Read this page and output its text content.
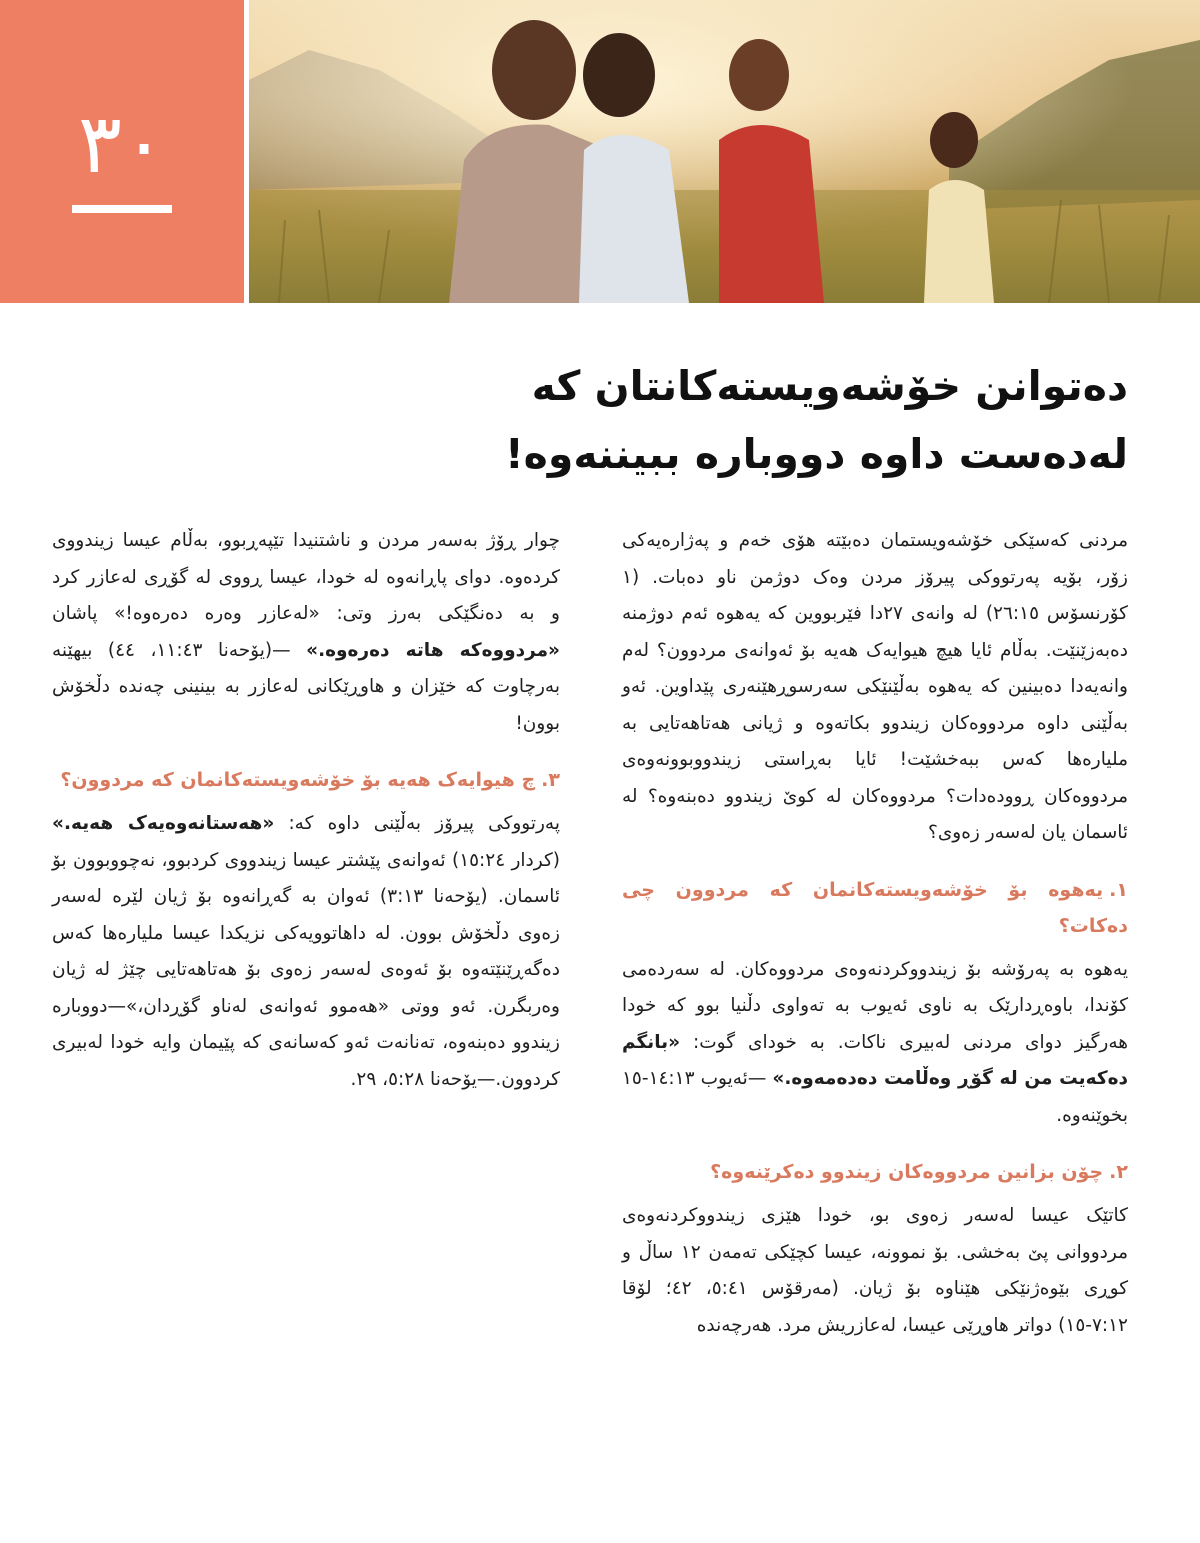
٣٠
دەتوانن خۆشەویستەکانتان کە
لەدەست داوە دووبارە ببیننەوە!

مردنی کەسێکی خۆشەویستمان دەبێتە هۆی خەم و پەژارەیەکی زۆر، بۆیە پەرتووکی پیرۆز مردن وەک دوژمن ناو دەبات. (١ کۆرنسۆس ٢٦:١٥) لە وانەی ٢٧دا فێربووین کە یەهوە ئەم دوژمنە دەبەزێنێت. بەڵام ئایا هیچ هیوایەک هەیە بۆ ئەوانەی مردوون؟ لەم وانەیەدا دەبینین کە یەهوە بەڵێنێکی سەرسوڕهێنەری پێداوین. ئەو بەڵێنی داوە مردووەکان زیندوو بکاتەوە و ژیانی هەتاهەتایی بە ملیارەها کەس ببەخشێت! ئایا بەڕاستی زیندووبوونەوەی مردووەکان ڕوودەدات؟ مردووەکان لە کوێ زیندوو دەبنەوە؟ لە ئاسمان یان لەسەر زەوی؟

١.یەهوە بۆ خۆشەویستەکانمان کە مردوون چی دەکات؟

یەهوە بە پەرۆشە بۆ زیندووکردنەوەی مردووەکان. لە سەردەمی کۆندا، باوەڕدارێک بە ناوی ئەیوب بە تەواوی دڵنیا بوو کە خودا هەرگیز دوای مردنی لەبیری ناکات. بە خودای گوت: «بانگم دەکەیت من لە گۆڕ وەڵامت دەدەمەوە.» —ئەیوب ١٤:١٣-١٥ بخوێنەوە.

٢.چۆن بزانین مردووەکان زیندوو دەکرێنەوە؟

کاتێک عیسا لەسەر زەوی بو، خودا هێزی زیندووکردنەوەی مردووانی پێ بەخشی. بۆ نموونە، عیسا کچێکی تەمەن ١٢ ساڵ و کوڕی بێوەژنێکی هێناوە بۆ ژیان. (مەرقۆس ٥:٤١، ٤٢؛ لۆقا ٧:١٢-١٥) دواتر هاوڕێی عیسا، لەعازریش مرد. هەرچەندە

چوار ڕۆژ بەسەر مردن و ناشتنیدا تێپەڕبوو، بەڵام عیسا زیندووی کردەوە. دوای پاڕانەوە لە خودا، عیسا ڕووی لە گۆڕی لەعازر کرد و بە دەنگێکی بەرز وتی: «لەعازر وەرە دەرەوە!» پاشان «مردووەکە هاتە دەرەوە.» —(یۆحەنا ١١:٤٣، ٤٤) بیهێنە بەرچاوت کە خێزان و هاوڕێکانی لەعازر بە بینینی چەندە دڵخۆش بوون!

٣.چ هیوایەک هەیە بۆ خۆشەویستەکانمان کە مردوون؟

پەرتووکی پیرۆز بەڵێنی داوە کە: «هەستانەوەیەک هەیە.» (کردار ١٥:٢٤) ئەوانەی پێشتر عیسا زیندووی کردبوو، نەچووبوون بۆ ئاسمان. (یۆحەنا ٣:١٣) ئەوان بە گەڕانەوە بۆ ژیان لێرە لەسەر زەوی دڵخۆش بوون. لە داهاتوویەکی نزیکدا عیسا ملیارەها کەس دەگەڕێنێتەوە بۆ ئەوەی لەسەر زەوی بۆ هەتاهەتایی چێژ لە ژیان وەربگرن. ئەو ووتی «هەموو ئەوانەی لەناو گۆڕدان،»—دووبارە زیندوو دەبنەوە، تەنانەت ئەو کەسانەی کە پێیمان وایە خودا لەبیری کردوون.—یۆحەنا ٥:٢٨، ٢٩.
